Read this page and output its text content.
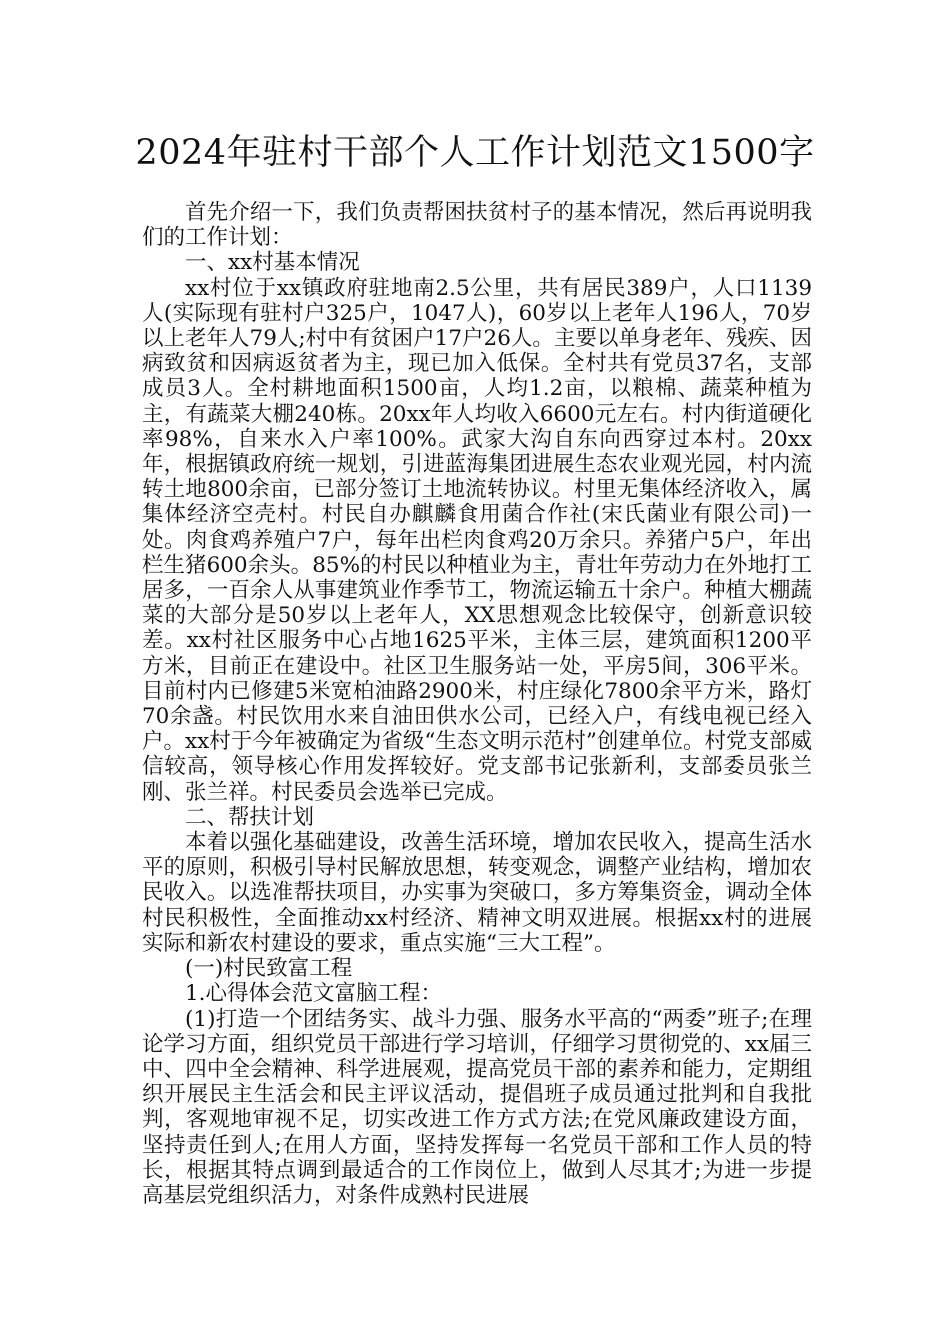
2024年驻村干部个人工作计划范文1500字

首先介绍一下，我们负责帮困扶贫村子的基本情况，然后再说明我们的工作计划：

一、xx村基本情况

xx村位于xx镇政府驻地南2.5公里，共有居民389户，人口1139人(实际现有驻村户325户，1047人)，60岁以上老年人196人，70岁以上老年人79人;村中有贫困户17户26人。主要以单身老年、残疾、因病致贫和因病返贫者为主，现已加入低保。全村共有党员37名，支部成员3人。全村耕地面积1500亩，人均1.2亩，以粮棉、蔬菜种植为主，有蔬菜大棚240栋。20xx年人均收入6600元左右。村内街道硬化率98%，自来水入户率100%。武家大沟自东向西穿过本村。20xx年，根据镇政府统一规划，引进蓝海集团进展生态农业观光园，村内流转土地800余亩，已部分签订土地流转协议。村里无集体经济收入，属集体经济空壳村。村民自办麒麟食用菌合作社(宋氏菌业有限公司)一处。肉食鸡养殖户7户，每年出栏肉食鸡20万余只。养猪户5户，年出栏生猪600余头。85%的村民以种植业为主，青壮年劳动力在外地打工居多，一百余人从事建筑业作季节工，物流运输五十余户。种植大棚蔬菜的大部分是50岁以上老年人，XX思想观念比较保守，创新意识较差。xx村社区服务中心占地1625平米，主体三层，建筑面积1200平方米，目前正在建设中。社区卫生服务站一处，平房5间，306平米。目前村内已修建5米宽柏油路2900米，村庄绿化7800余平方米，路灯70余盏。村民饮用水来自油田供水公司，已经入户，有线电视已经入户。xx村于今年被确定为省级“生态文明示范村”创建单位。村党支部威信较高，领导核心作用发挥较好。党支部书记张新利，支部委员张兰刚、张兰祥。村民委员会选举已完成。

二、帮扶计划

本着以强化基础建设，改善生活环境，增加农民收入，提高生活水平的原则，积极引导村民解放思想，转变观念，调整产业结构，增加农民收入。以选准帮扶项目，办实事为突破口，多方筹集资金，调动全体村民积极性，全面推动xx村经济、精神文明双进展。根据xx村的进展实际和新农村建设的要求，重点实施“三大工程”。

(一)村民致富工程

1.心得体会范文富脑工程：

(1)打造一个团结务实、战斗力强、服务水平高的“两委”班子;在理论学习方面，组织党员干部进行学习培训，仔细学习贯彻党的、xx届三中、四中全会精神、科学进展观，提高党员干部的素养和能力，定期组织开展民主生活会和民主评议活动，提倡班子成员通过批判和自我批判，客观地审视不足，切实改进工作方式方法;在党风廉政建设方面，坚持责任到人;在用人方面，坚持发挥每一名党员干部和工作人员的特长，根据其特点调到最适合的工作岗位上，做到人尽其才;为进一步提高基层党组织活力，对条件成熟村民进展
